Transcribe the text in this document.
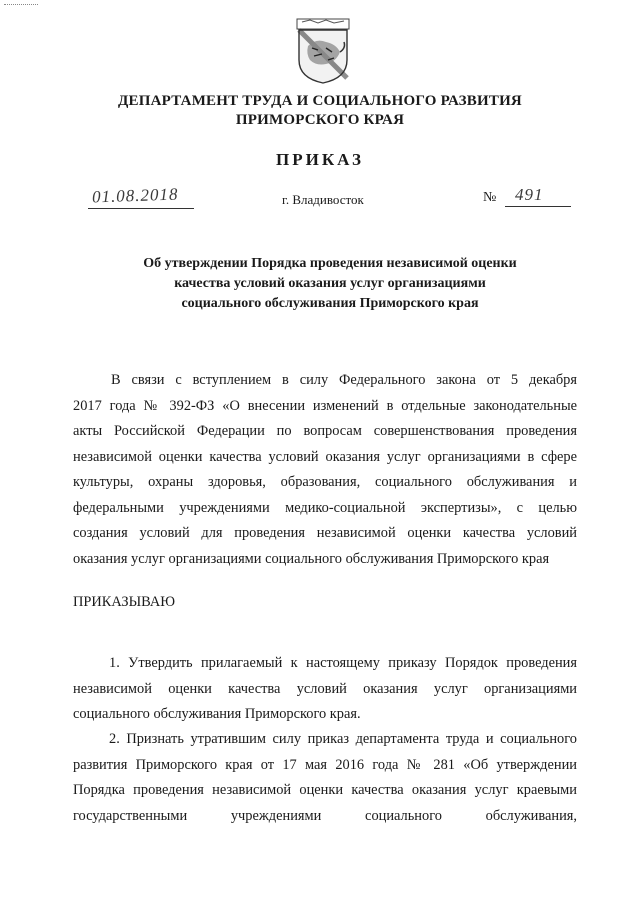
ДЕПАРТАМЕНТ ТРУДА И СОЦИАЛЬНОГО РАЗВИТИЯ
ПРИМОРСКОГО КРАЯ
ПРИКАЗ
01.08.2018	г. Владивосток	№ 491
Об утверждении Порядка проведения независимой оценки
качества условий оказания услуг организациями
социального обслуживания Приморского края
В связи с вступлением в силу Федерального закона от 5 декабря
2017 года № 392-ФЗ «О внесении изменений в отдельные законодательные
акты Российской Федерации по вопросам совершенствования проведения
независимой оценки качества условий оказания услуг организациями в сфере
культуры, охраны здоровья, образования, социального обслуживания и
федеральными учреждениями медико-социальной экспертизы», с целью
создания условий для проведения независимой оценки качества условий
оказания услуг организациями социального обслуживания Приморского края
ПРИКАЗЫВАЮ
1. Утвердить прилагаемый к настоящему приказу Порядок проведения
независимой оценки качества условий оказания услуг организациями
социального обслуживания Приморского края.
2. Признать утратившим силу приказ департамента труда и социального
развития Приморского края от 17 мая 2016 года № 281 «Об утверждении
Порядка проведения независимой оценки качества оказания услуг краевыми
государственными учреждениями социального обслуживания,
